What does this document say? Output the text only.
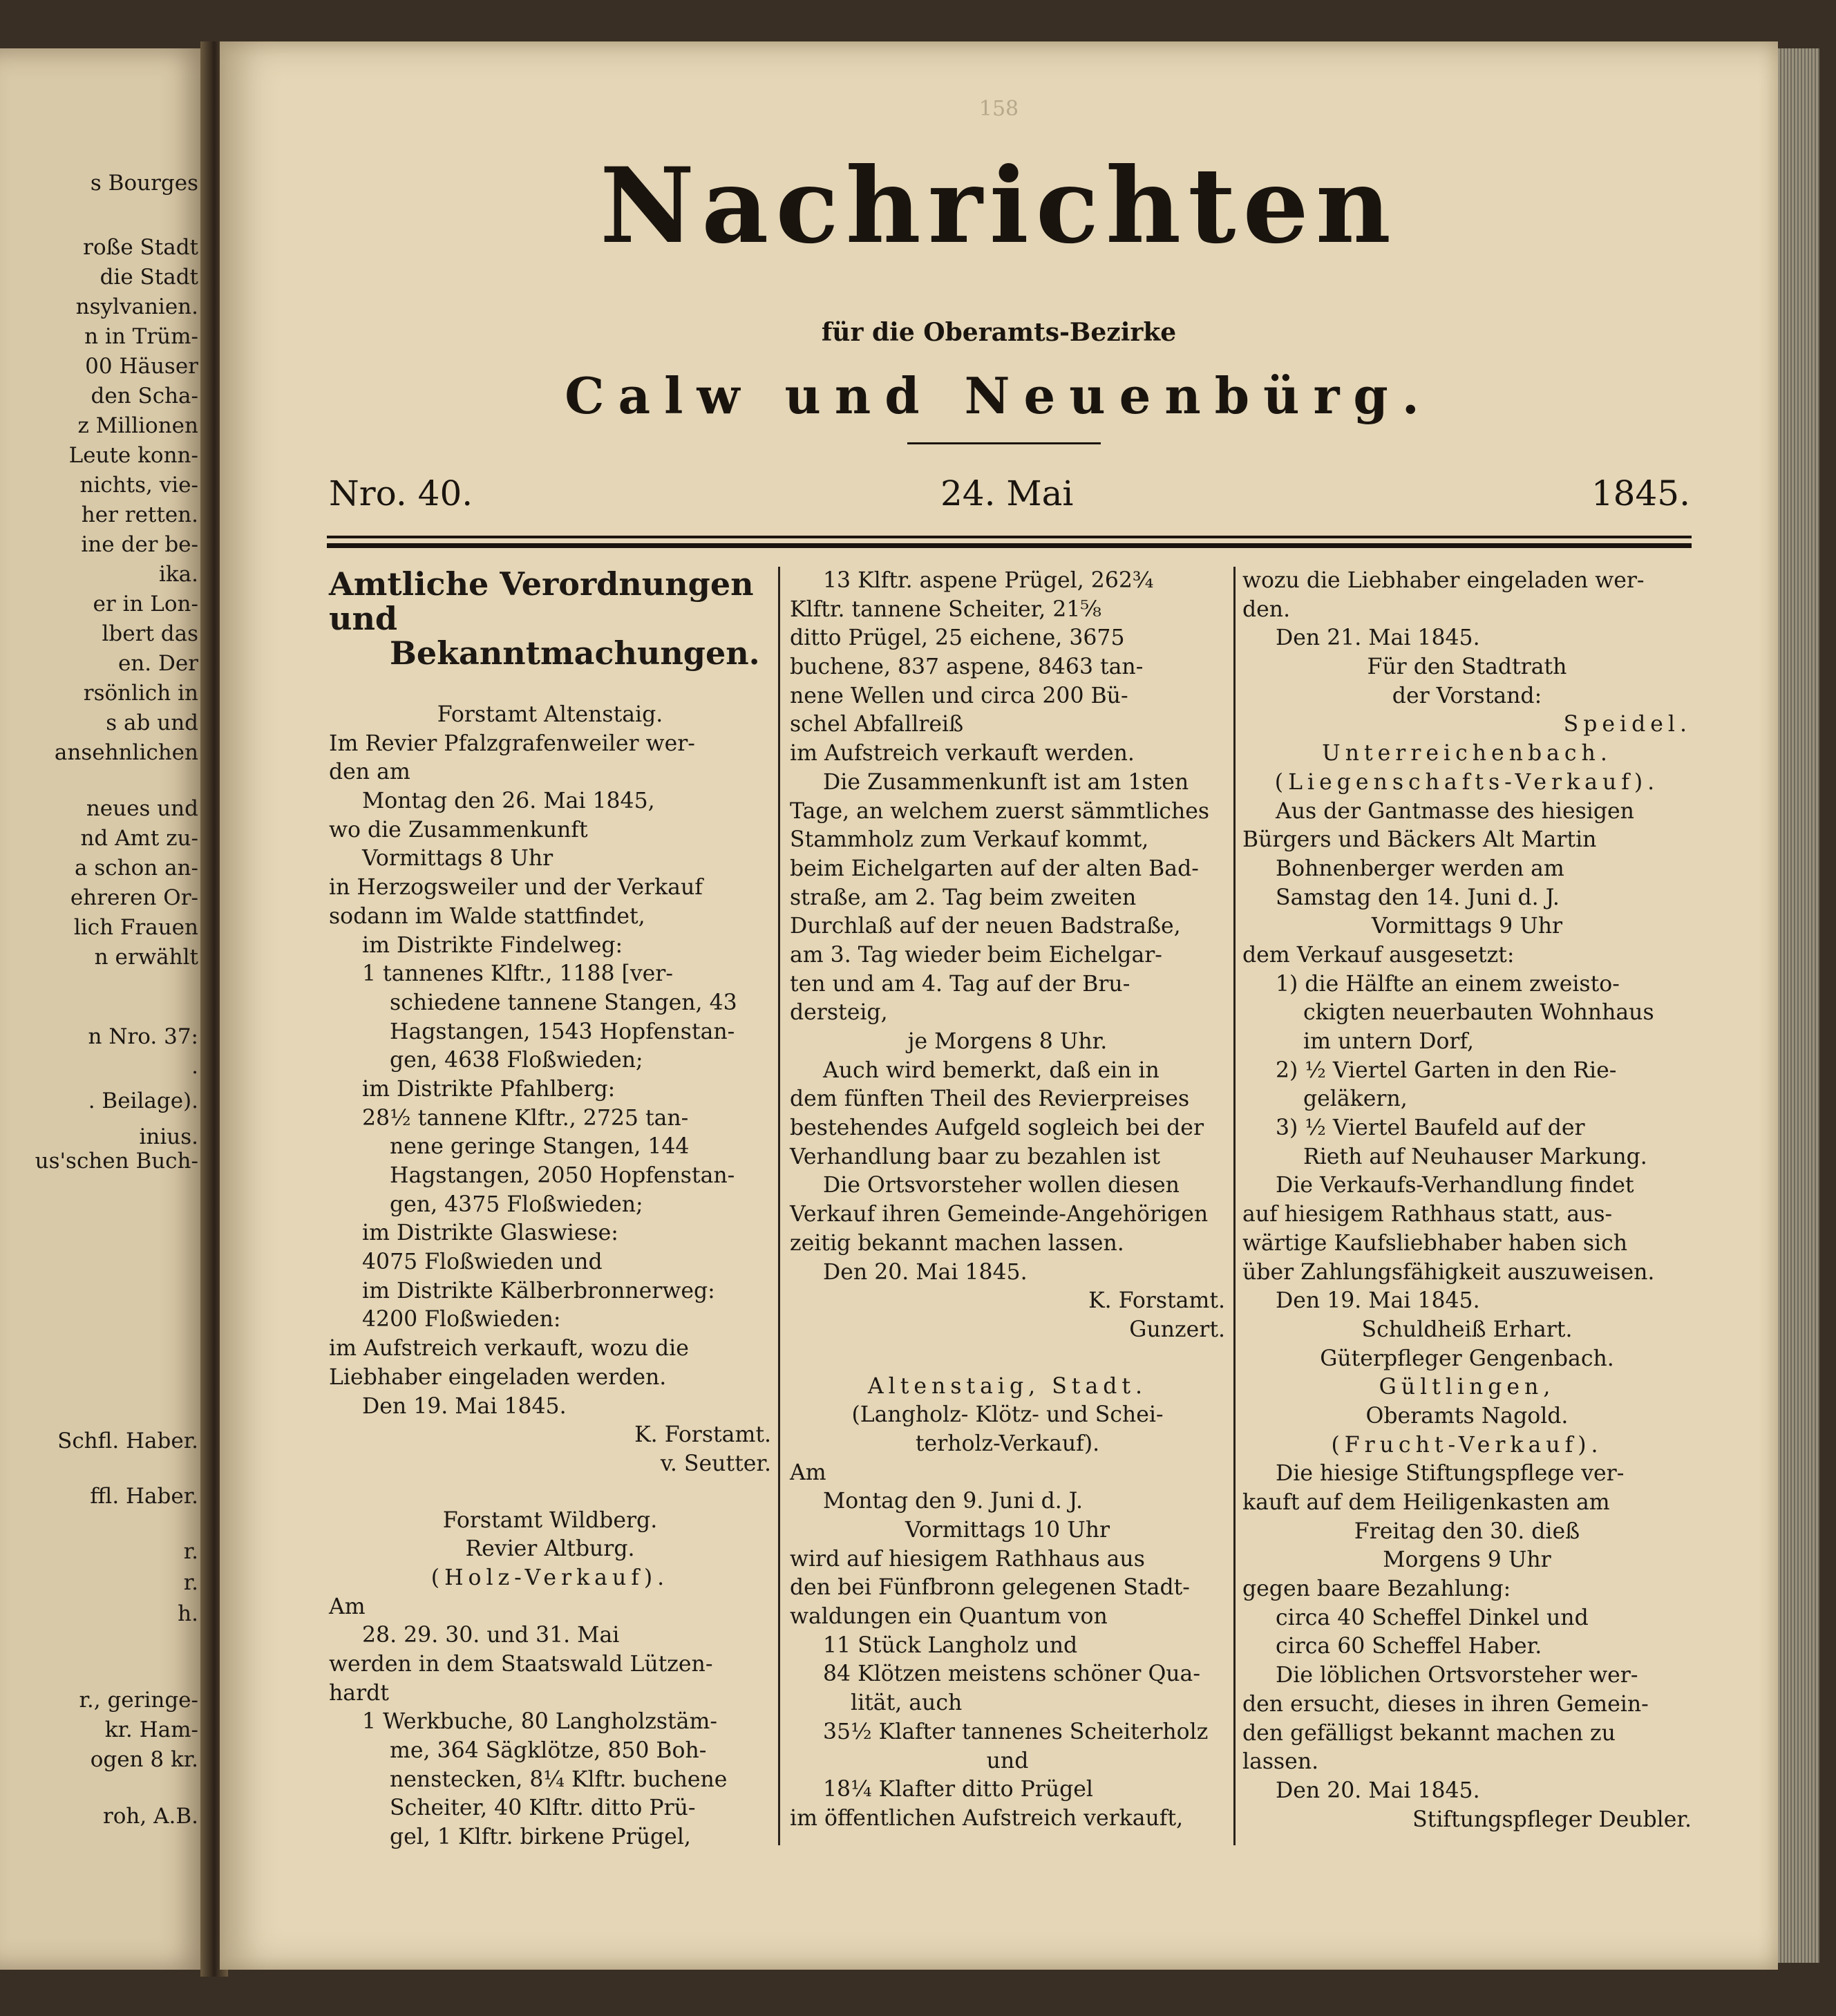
s Bourges
roße Stadt
die Stadt
nsylvanien.
n in Trüm-
00 Häuser
den Scha-
z Millionen
Leute konn-
nichts, vie-
her retten.
ine der be-
ika.
er in Lon-
lbert das
en. Der
rsönlich in
s ab und
ansehnlichen
neues und
nd Amt zu-
a schon an-
ehreren Or-
lich Frauen
n erwählt
n Nro. 37:
.
. Beilage).
inius.
us'schen Buch-
Schfl. Haber.
ffl. Haber.
r.
r.
h.
r., geringe-
kr. Ham-
ogen 8 kr.
roh, A.B.
158
Nachrichten
für die Oberamts-Bezirke
Calw und Neuenbürg.
Nro. 40.	24. Mai	1845.
Amtliche Verordnungen und
Bekanntmachungen.
Forstamt Altenstaig.
Im Revier Pfalzgrafenweiler wer-
den am
Montag den 26. Mai 1845,
wo die Zusammenkunft
Vormittags 8 Uhr
in Herzogsweiler und der Verkauf
sodann im Walde stattfindet,
im Distrikte Findelweg:
1 tannenes Klftr., 1188 [ver-
schiedene tannene Stangen, 43
Hagstangen, 1543 Hopfenstan-
gen, 4638 Floßwieden;
im Distrikte Pfahlberg:
28½ tannene Klftr., 2725 tan-
nene geringe Stangen, 144
Hagstangen, 2050 Hopfenstan-
gen, 4375 Floßwieden;
im Distrikte Glaswiese:
4075 Floßwieden und
im Distrikte Kälberbronnerweg:
4200 Floßwieden:
im Aufstreich verkauft, wozu die
Liebhaber eingeladen werden.
Den 19. Mai 1845.
K. Forstamt.
v. Seutter.
Forstamt Wildberg.
Revier Altburg.
(Holz-Verkauf).
Am
28. 29. 30. und 31. Mai
werden in dem Staatswald Lützen-
hardt
1 Werkbuche, 80 Langholzstäm-
me, 364 Sägklötze, 850 Boh-
nenstecken, 8¼ Klftr. buchene
Scheiter, 40 Klftr. ditto Prü-
gel, 1 Klftr. birkene Prügel,
13 Klftr. aspene Prügel, 262¾
Klftr. tannene Scheiter, 21⅝
ditto Prügel, 25 eichene, 3675
buchene, 837 aspene, 8463 tan-
nene Wellen und circa 200 Bü-
schel Abfallreiß
im Aufstreich verkauft werden.
Die Zusammenkunft ist am 1sten
Tage, an welchem zuerst sämmtliches
Stammholz zum Verkauf kommt,
beim Eichelgarten auf der alten Bad-
straße, am 2. Tag beim zweiten
Durchlaß auf der neuen Badstraße,
am 3. Tag wieder beim Eichelgar-
ten und am 4. Tag auf der Bru-
dersteig,
je Morgens 8 Uhr.
Auch wird bemerkt, daß ein in
dem fünften Theil des Revierpreises
bestehendes Aufgeld sogleich bei der
Verhandlung baar zu bezahlen ist
Die Ortsvorsteher wollen diesen
Verkauf ihren Gemeinde-Angehörigen
zeitig bekannt machen lassen.
Den 20. Mai 1845.
K. Forstamt.
Gunzert.
Altenstaig, Stadt.
(Langholz- Klötz- und Schei-
terholz-Verkauf).
Am
Montag den 9. Juni d. J.
Vormittags 10 Uhr
wird auf hiesigem Rathhaus aus
den bei Fünfbronn gelegenen Stadt-
waldungen ein Quantum von
11 Stück Langholz und
84 Klötzen meistens schöner Qua-
lität, auch
35½ Klafter tannenes Scheiterholz
und
18¼ Klafter ditto Prügel
im öffentlichen Aufstreich verkauft,
wozu die Liebhaber eingeladen wer-
den.
Den 21. Mai 1845.
Für den Stadtrath
der Vorstand:
Speidel.
Unterreichenbach.
(Liegenschafts-Verkauf).
Aus der Gantmasse des hiesigen
Bürgers und Bäckers Alt Martin
Bohnenberger werden am
Samstag den 14. Juni d. J.
Vormittags 9 Uhr
dem Verkauf ausgesetzt:
1) die Hälfte an einem zweisto-
ckigten neuerbauten Wohnhaus
im untern Dorf,
2) ½ Viertel Garten in den Rie-
geläkern,
3) ½ Viertel Baufeld auf der
Rieth auf Neuhauser Markung.
Die Verkaufs-Verhandlung findet
auf hiesigem Rathhaus statt, aus-
wärtige Kaufsliebhaber haben sich
über Zahlungsfähigkeit auszuweisen.
Den 19. Mai 1845.
Schuldheiß Erhart.
Güterpfleger Gengenbach.
Gültlingen,
Oberamts Nagold.
(Frucht-Verkauf).
Die hiesige Stiftungspflege ver-
kauft auf dem Heiligenkasten am
Freitag den 30. dieß
Morgens 9 Uhr
gegen baare Bezahlung:
circa 40 Scheffel Dinkel und
circa 60 Scheffel Haber.
Die löblichen Ortsvorsteher wer-
den ersucht, dieses in ihren Gemein-
den gefälligst bekannt machen zu
lassen.
Den 20. Mai 1845.
Stiftungspfleger Deubler.
